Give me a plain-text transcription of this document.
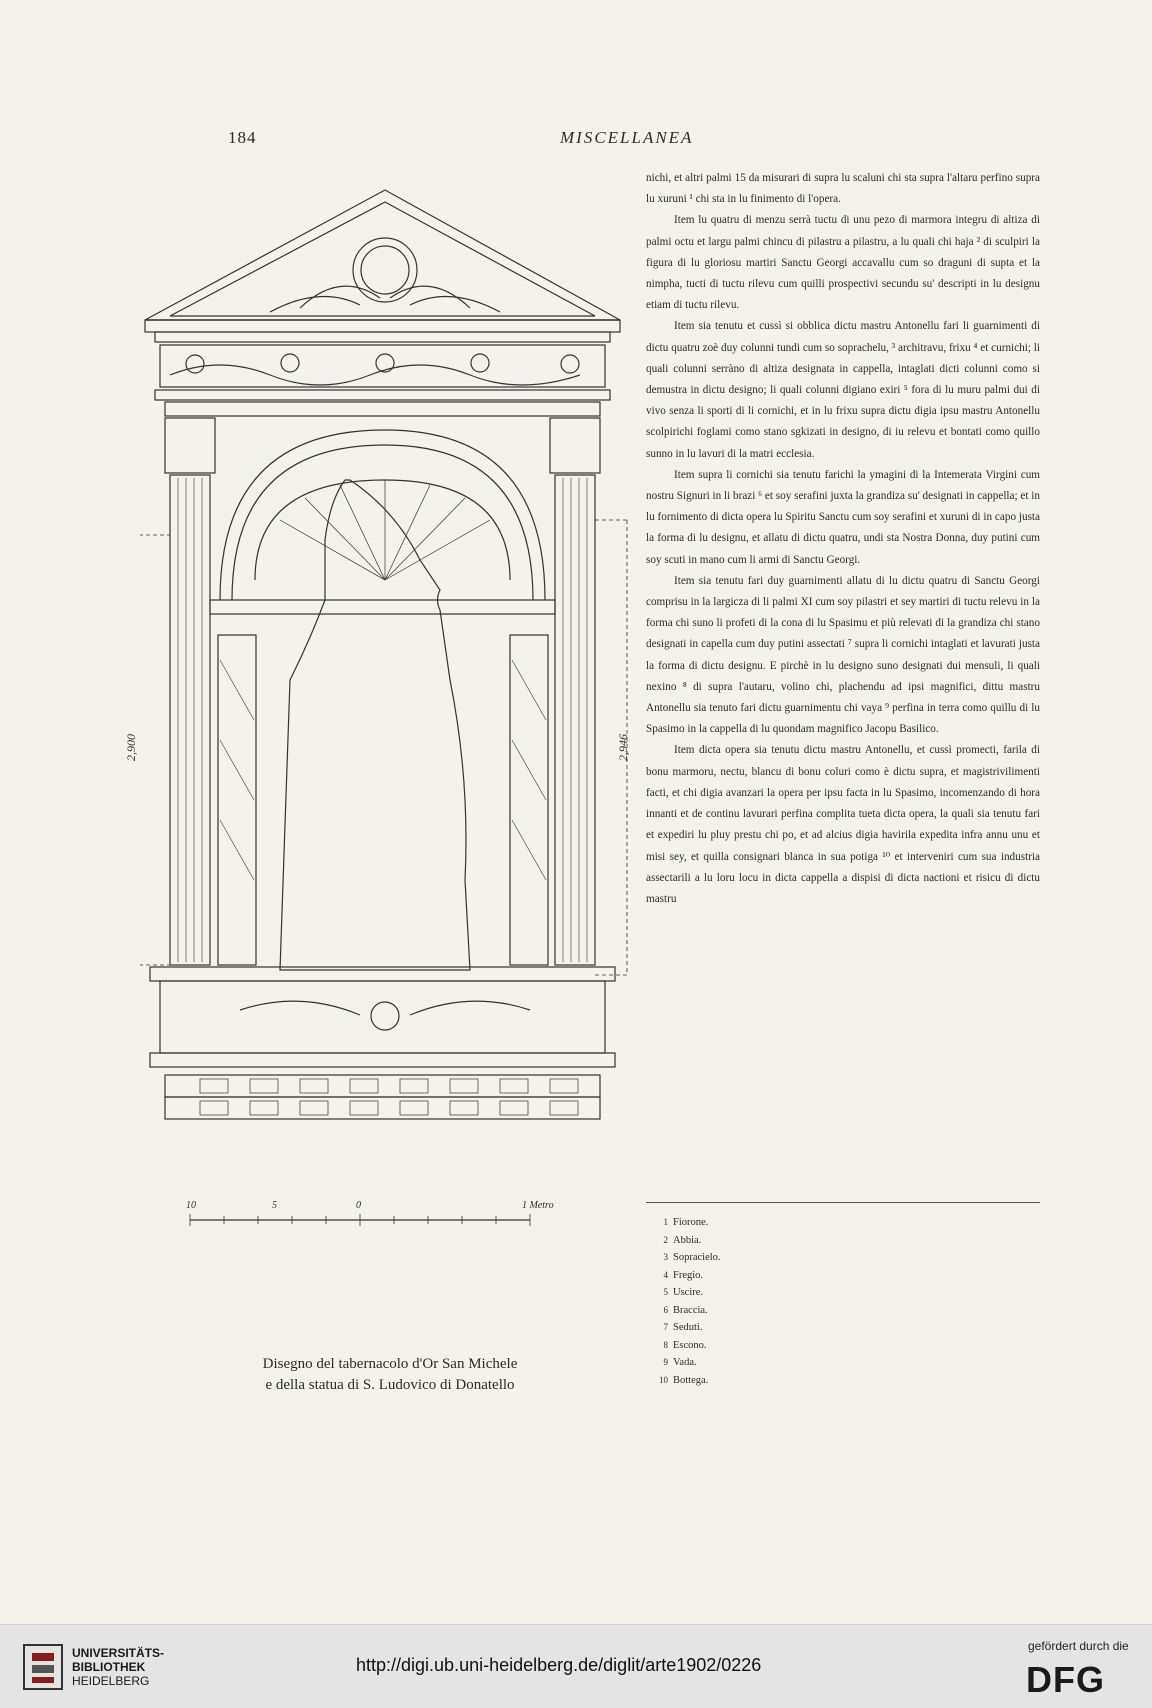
184	MISCELLANEA
2,900	2,946
10	5	0	1 Metro
Disegno del tabernacolo d'Or San Michele
e della statua di S. Ludovico di Donatello

nichi, et altri palmi 15 da misurari di supra lu scaluni chi sta supra l'altaru perfino supra lu xuruni ¹ chi sta in lu finimento di l'opera.

Item lu quatru di menzu serrà tuctu di unu pezo di marmora integru di altiza di palmi octu et largu palmi chincu di pilastru a pilastru, a lu quali chi haja ² di sculpiri la figura di lu gloriosu martiri Sanctu Georgi accavallu cum so draguni di supta et la nimpha, tucti di tuctu rilevu cum quilli prospectivi secundu su' descripti in lu designu etiam di tuctu rilevu.

Item sia tenutu et cussì si obblica dictu mastru Antonellu fari li guarnimenti di dictu quatru zoè duy colunni tundi cum so soprachelu, ³ architravu, frixu ⁴ et curnichi; li quali colunni serràno di altiza designata in cappella, intaglati dicti colunni como si demustra in dictu designo; li quali colunni digiano exiri ⁵ fora di lu muru palmi dui di vivo senza li sporti di li cornichi, et in lu frixu supra dictu digia ipsu mastru Antonellu scolpirichi foglami como stano sgkizati in designo, di iu relevu et bontati como quillo sunno in lu lavuri di la matri ecclesia.

Item supra li cornichi sia tenutu farichi la ymagini di la Intemerata Virgini cum nostru Signuri in li brazi ⁶ et soy serafini juxta la grandiza su' designati in cappella; et in lu fornimento di dicta opera lu Spiritu Sanctu cum soy serafini et xuruni di in capo justa la forma di lu designu, et allatu di dictu quatru, undi sta Nostra Donna, duy putini cum soy scuti in mano cum li armi di Sanctu Georgi.

Item sia tenutu fari duy guarnimenti allatu di lu dictu quatru di Sanctu Georgi comprisu in la largicza di li palmi XI cum soy pilastri et sey martiri di tuctu relevu in la forma chi suno li profeti di la cona di lu Spasimu et più relevati di la grandiza chi stano designati in capella cum duy putini assectati ⁷ supra li cornichi intaglati et lavurati justa la forma di dictu designu. E pirchè in lu designo suno designati dui mensuli, li quali nexino ⁸ di supra l'autaru, volino chi, plachendu ad ipsi magnifici, dittu mastru Antonellu sia tenuto fari dictu guarnimentu chi vaya ⁹ perfina in terra como quillu di lu Spasimo in la cappella di lu quondam magnifico Jacopu Basilico.

Item dicta opera sia tenutu dictu mastru Antonellu, et cussì promecti, farila di bonu marmoru, nectu, blancu di bonu coluri como è dictu supra, et magistrivilimenti facti, et chi digia avanzari la opera per ipsu facta in lu Spasimo, incomenzando di hora innanti et de continu lavurari perfina complita tueta dicta opera, la quali sia tenutu fari et expediri lu pluy prestu chi po, et ad alcius digia havirila expedita infra annu unu et misi sey, et quilla consignari blanca in sua potiga ¹⁰ et interveniri cum sua industria assectarili a lu loru locu in dicta cappella a dispisi di dicta nactioni et risicu di dictu mastru

1 Fiorone.
2 Abbia.
3 Sopracielo.
4 Fregio.
5 Uscire.
6 Braccia.
7 Seduti.
8 Escono.
9 Vada.
10 Bottega.
UNIVERSITÄTS-
BIBLIOTHEK
HEIDELBERG
http://digi.ub.uni-heidelberg.de/diglit/arte1902/0226
gefördert durch die
DFG
